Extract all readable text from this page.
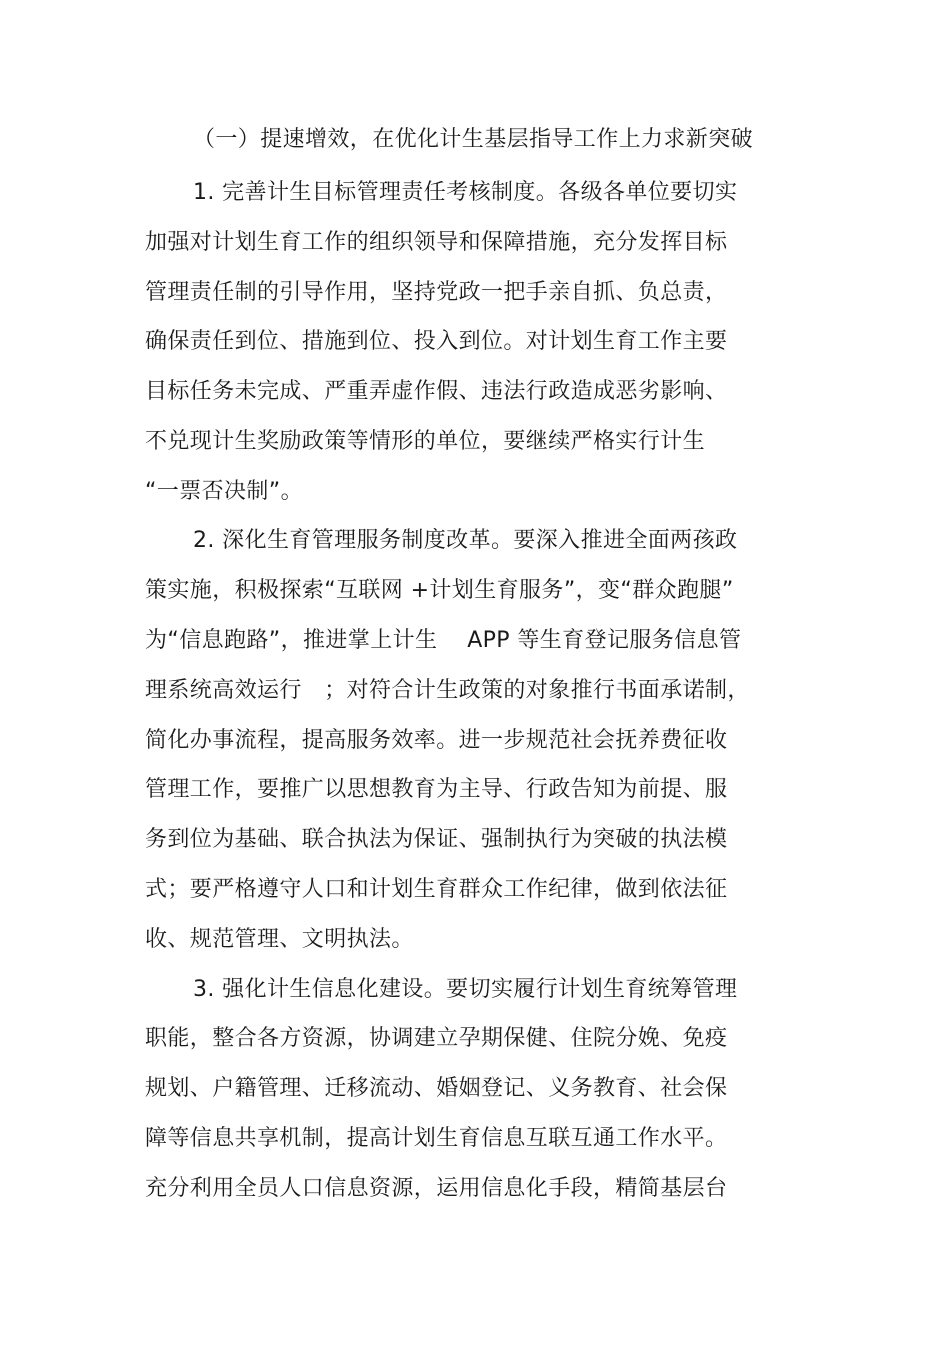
（一）提速增效，在优化计生基层指导工作上力求新突破
1. 完善计生目标管理责任考核制度。各级各单位要切实
加强对计划生育工作的组织领导和保障措施，充分发挥目标
管理责任制的引导作用，坚持党政一把手亲自抓、负总责，
确保责任到位、措施到位、投入到位。对计划生育工作主要
目标任务未完成、严重弄虚作假、违法行政造成恶劣影响、
不兑现计生奖励政策等情形的单位，要继续严格实行计生
“一票否决制”。
2. 深化生育管理服务制度改革。要深入推进全面两孩政
策实施，积极探索“互联网 +计划生育服务”，变“群众跑腿”
为“信息跑路”，推进掌上计生　 APP 等生育登记服务信息管
理系统高效运行　；对符合计生政策的对象推行书面承诺制，
简化办事流程，提高服务效率。进一步规范社会抚养费征收
管理工作，要推广以思想教育为主导、行政告知为前提、服
务到位为基础、联合执法为保证、强制执行为突破的执法模
式；要严格遵守人口和计划生育群众工作纪律，做到依法征
收、规范管理、文明执法。
3. 强化计生信息化建设。要切实履行计划生育统筹管理
职能，整合各方资源，协调建立孕期保健、住院分娩、免疫
规划、户籍管理、迁移流动、婚姻登记、义务教育、社会保
障等信息共享机制，提高计划生育信息互联互通工作水平。
充分利用全员人口信息资源，运用信息化手段，精简基层台
